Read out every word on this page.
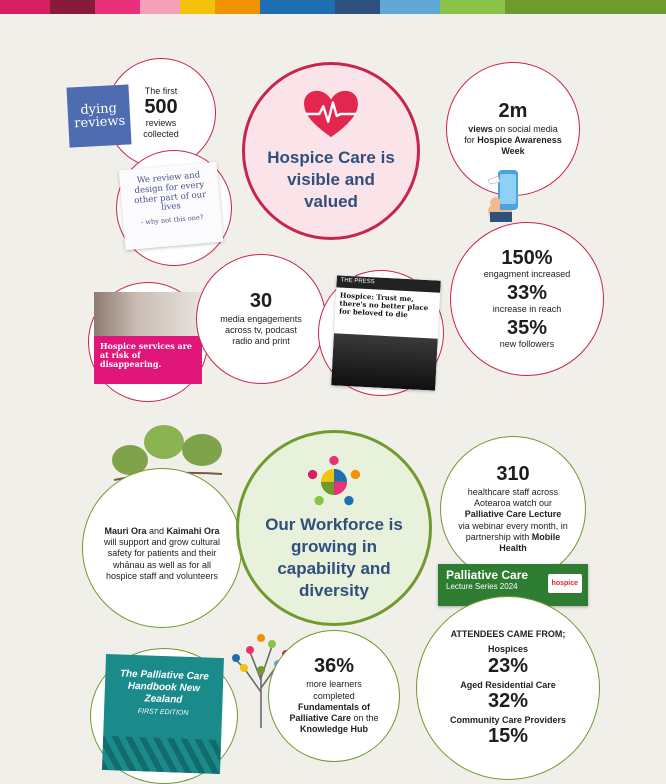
The first
500
reviews collected
dying reviews
We review and design for every other part of our lives
- why not this one?
Hospice Care is visible and valued
2m
views on social media for Hospice Awareness Week
150%
engagment increased
33%
increase in reach
35%
new followers
Hospice services are at risk of disappearing.
30
media engagements across tv, podcast radio and print
THE PRESS
Hospice: Trust me, there's no better place for beloved to die
Mauri Ora and Kaimahi Ora will support and grow cultural safety for patients and their whānau as well as for all hospice staff and volunteers
Our Workforce is growing in capability and diversity
310
healthcare staff across Aotearoa watch our Palliative Care Lecture via webinar every month, in partnership with Mobile Health
Palliative Care
Lecture Series 2024	hospice
ATTENDEES CAME FROM;
Hospices
23%
Aged Residential Care
32%
Community Care Providers
15%
36%
more learners completed Fundamentals of Palliative Care on the Knowledge Hub
The Palliative Care Handbook New Zealand
FIRST EDITION
